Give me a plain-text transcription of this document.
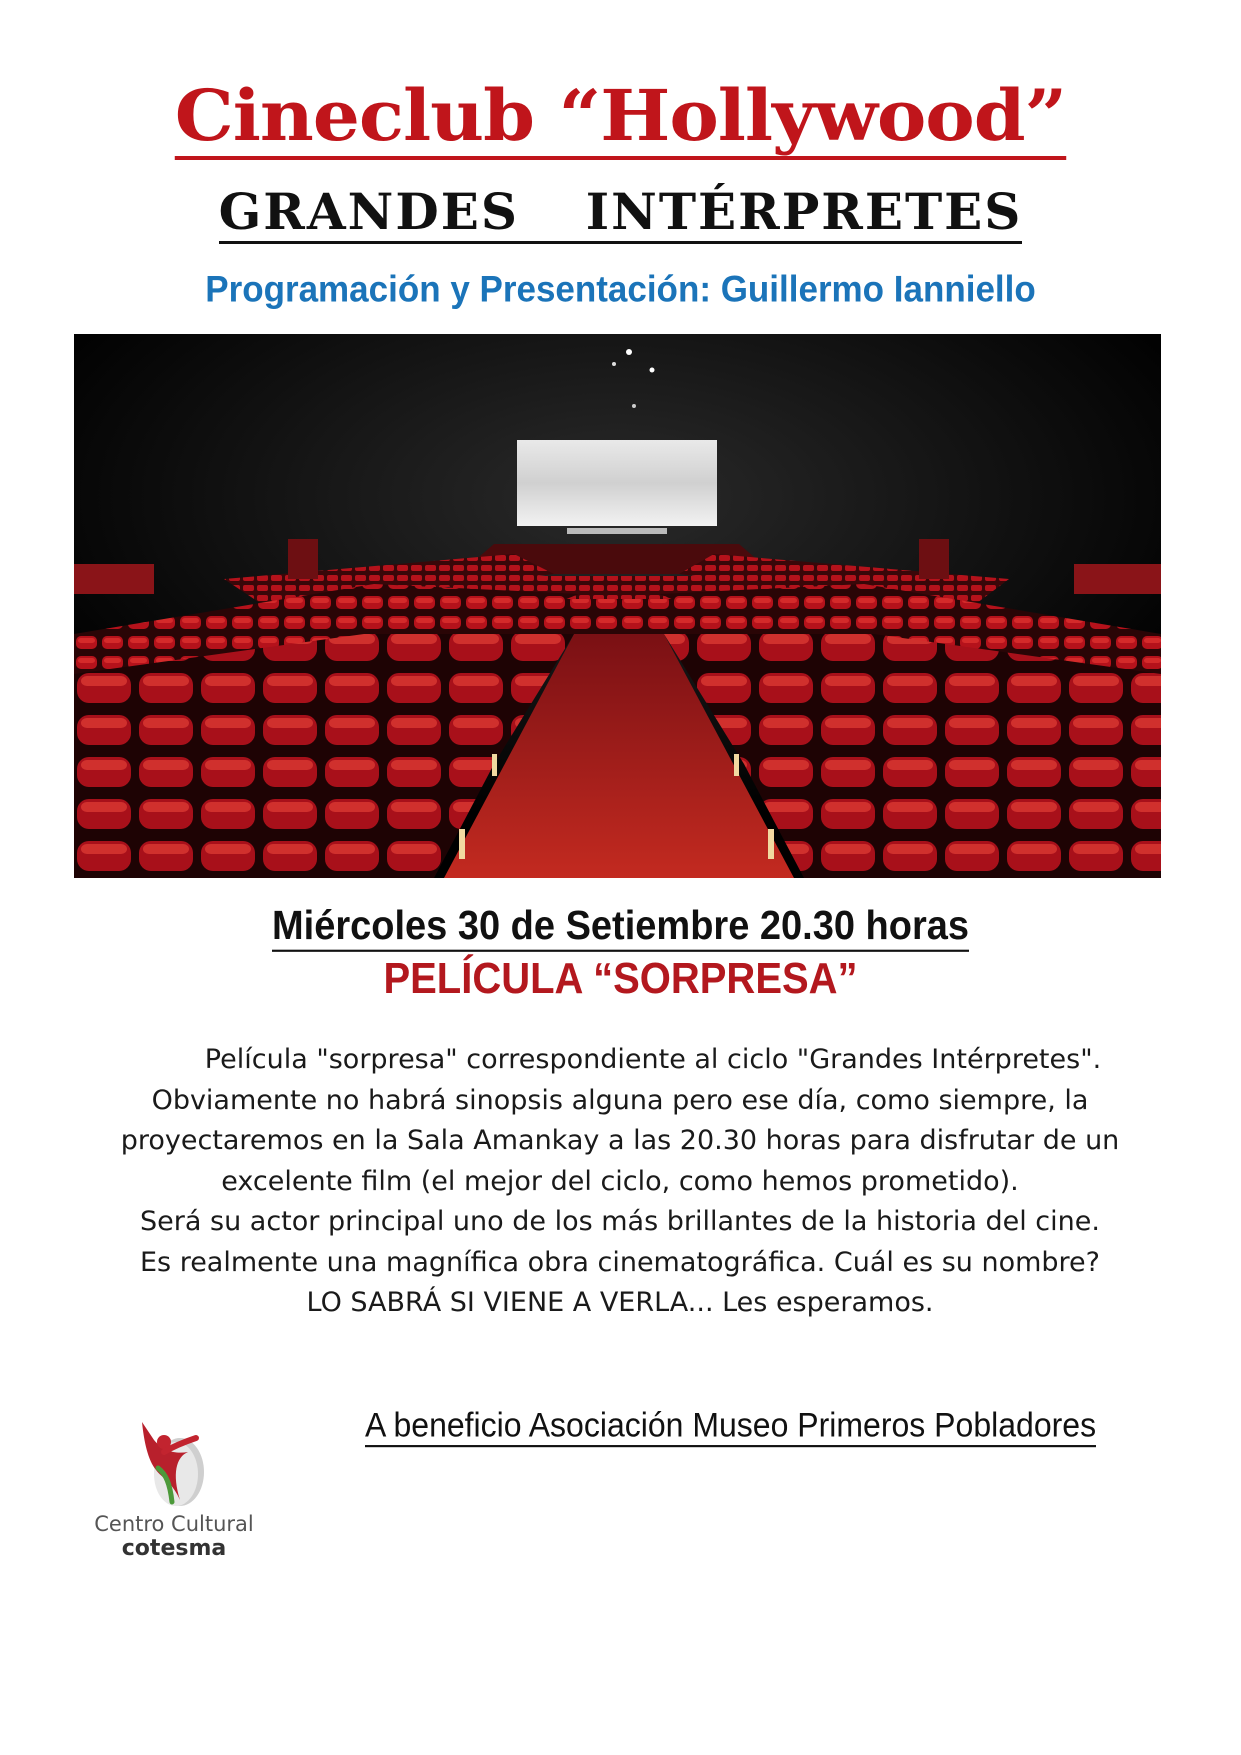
Cineclub “Hollywood”
GRANDES  INTÉRPRETES
Programación y Presentación: Guillermo Ianniello
Miércoles 30 de Setiembre 20.30 horas
PELÍCULA “SORPRESA”
Película "sorpresa" correspondiente al ciclo "Grandes Intérpretes".
Obviamente no habrá sinopsis alguna pero ese día, como siempre, la
proyectaremos en la Sala Amankay a las 20.30 horas para disfrutar de un
excelente film (el mejor del ciclo, como hemos prometido).
Será su actor principal uno de los más brillantes de la historia del cine.
Es realmente una magnífica obra cinematográfica. Cuál es su nombre?
LO SABRÁ SI VIENE A VERLA... Les esperamos.
Centro Cultural
cotesma
A beneficio Asociación Museo Primeros Pobladores
